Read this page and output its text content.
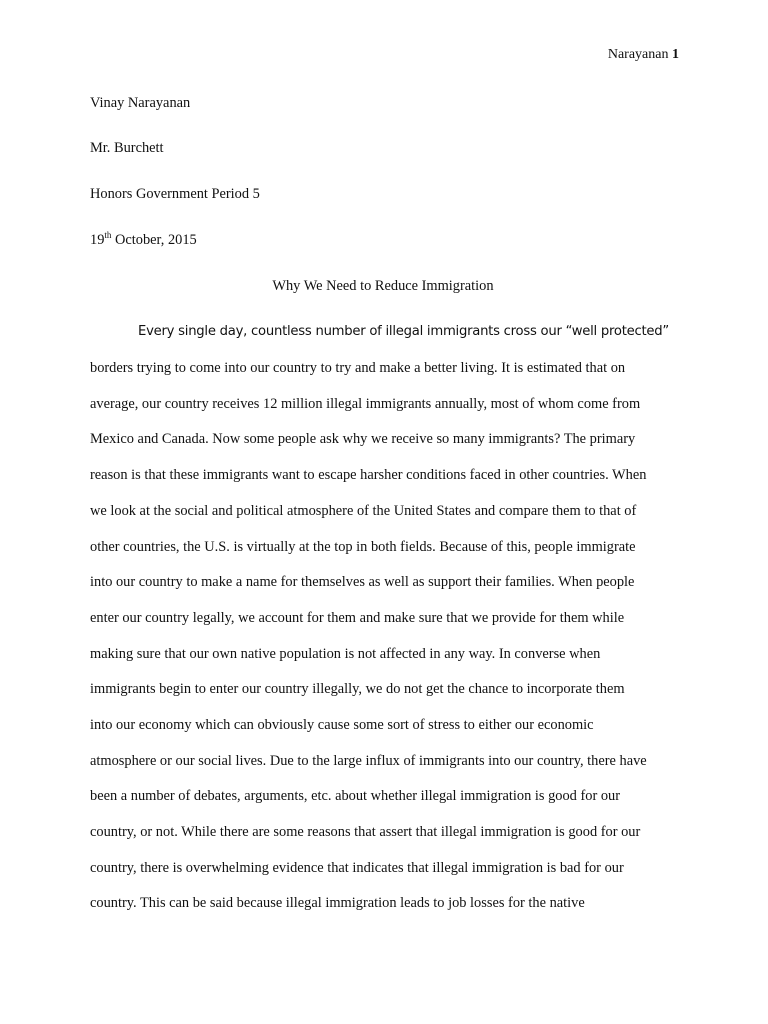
Narayanan 1
Vinay Narayanan
Mr. Burchett
Honors Government Period 5
19th October, 2015
Why We Need to Reduce Immigration
Every single day, countless number of illegal immigrants cross our “well protected”
borders trying to come into our country to try and make a better living. It is estimated that on
average, our country receives 12 million illegal immigrants annually, most of whom come from
Mexico and Canada. Now some people ask why we receive so many immigrants? The primary
reason is that these immigrants want to escape harsher conditions faced in other countries. When
we look at the social and political atmosphere of the United States and compare them to that of
other countries, the U.S. is virtually at the top in both fields. Because of this, people immigrate
into our country to make a name for themselves as well as support their families. When people
enter our country legally, we account for them and make sure that we provide for them while
making sure that our own native population is not affected in any way. In converse when
immigrants begin to enter our country illegally, we do not get the chance to incorporate them
into our economy which can obviously cause some sort of stress to either our economic
atmosphere or our social lives. Due to the large influx of immigrants into our country, there have
been a number of debates, arguments, etc. about whether illegal immigration is good for our
country, or not. While there are some reasons that assert that illegal immigration is good for our
country, there is overwhelming evidence that indicates that illegal immigration is bad for our
country. This can be said because illegal immigration leads to job losses for the native
